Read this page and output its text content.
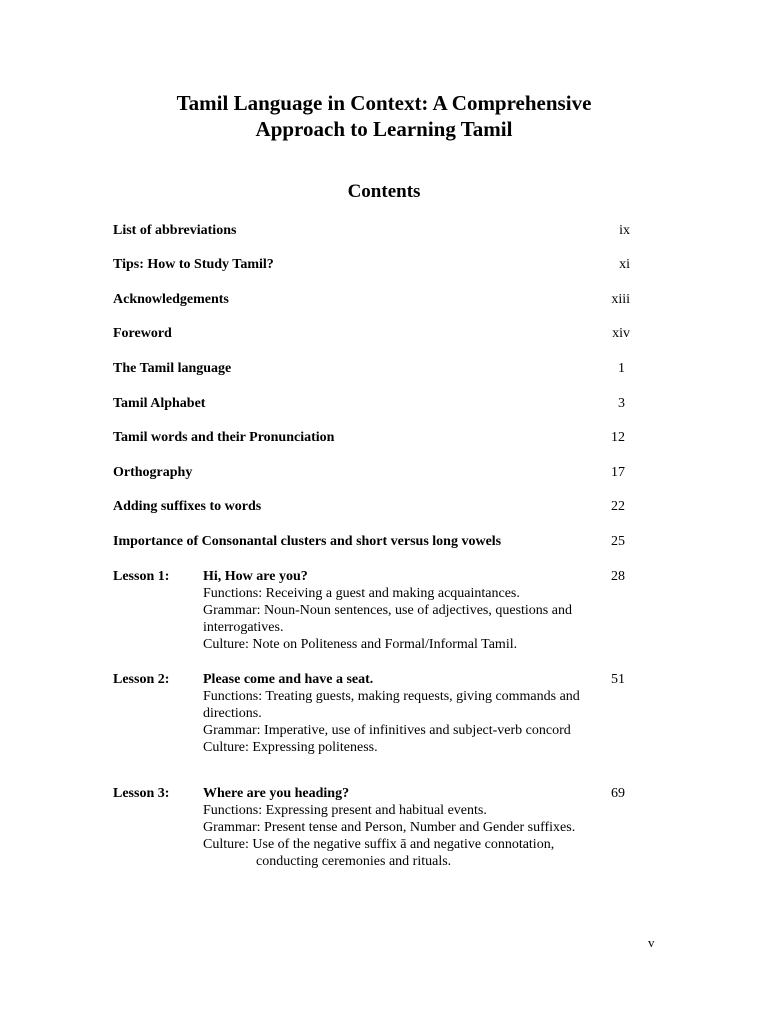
Tamil Language in Context: A Comprehensive
Approach to Learning Tamil
Contents
List of abbreviations	ix
Tips: How to Study Tamil?	xi
Acknowledgements	xiii
Foreword	xiv
The Tamil language	1
Tamil Alphabet	3
Tamil words and their Pronunciation	12
Orthography	17
Adding suffixes to words	22
Importance of Consonantal clusters and short versus long vowels	25
Lesson 1: Hi, How are you?	28
Functions: Receiving a guest and making acquaintances.
Grammar: Noun-Noun sentences, use of adjectives, questions and
interrogatives.
Culture: Note on Politeness and Formal/Informal Tamil.
Lesson 2: Please come and have a seat.	51
Functions: Treating guests, making requests, giving commands and
directions.
Grammar: Imperative, use of infinitives and subject-verb concord
Culture: Expressing politeness.
Lesson 3: Where are you heading?	69
Functions: Expressing present and habitual events.
Grammar: Present tense and Person, Number and Gender suffixes.
Culture: Use of the negative suffix ā and negative connotation,
conducting ceremonies and rituals.
v
